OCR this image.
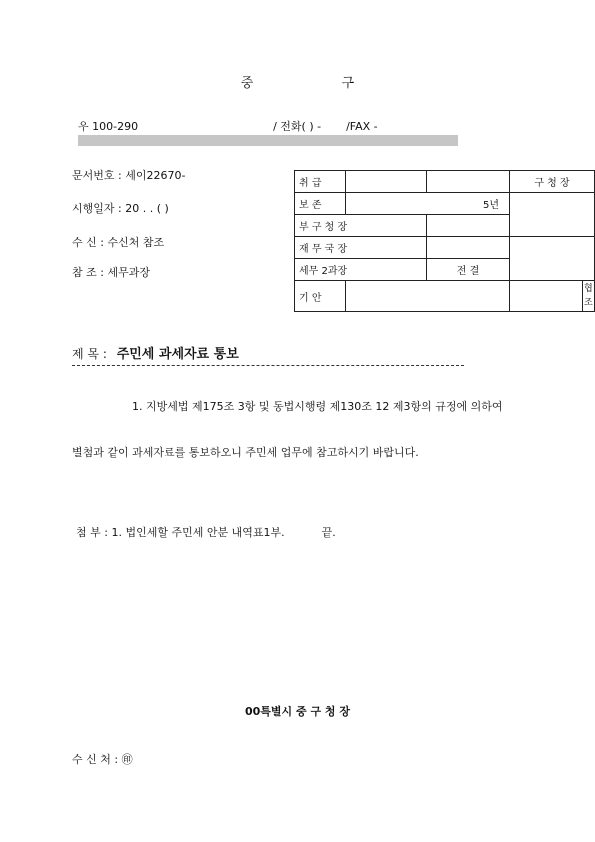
중	구
우 100-290	/ 전화( ) - /FAX -
문서번호 : 세이22670-
시행일자 : 20 . . ( )
수 신 : 수신처 참조
참 조 : 세무과장
취 급			구 청 장	
보 존	5년			
부 구 청 장				
재 무 국 장				
세무 2과장		전 결		
기 안				협조
제 목 : 주민세 과세자료 통보
1. 지방세법 제175조 3항 및 동법시행령 제130조 12 제3항의 규정에 의하여
별첨과 같이 과세자료를 통보하오니 주민세 업무에 참고하시기 바랍니다.
첨 부 : 1. 법인세할 주민세 안분 내역표1부.	끝.
00특별시 중 구 청 장
수 신 처 : ㊞
